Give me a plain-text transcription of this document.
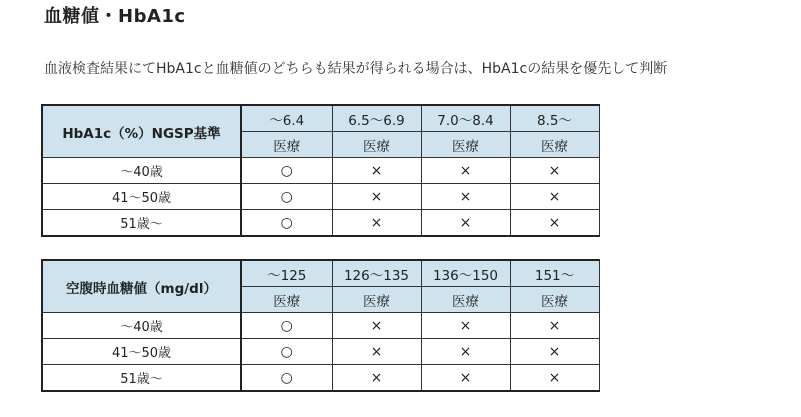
血糖値・HbA1c
血液検査結果にてHbA1cと血糖値のどちらも結果が得られる場合は、HbA1cの結果を優先して判断
HbA1c（%）NGSP基準	〜6.4	6.5〜6.9	7.0〜8.4	8.5〜
	医療	医療	医療	医療
〜40歳	○	×	×	×
41〜50歳	○	×	×	×
51歳〜	○	×	×	×
空腹時血糖値（mg/dl）	〜125	126〜135	136〜150	151〜
	医療	医療	医療	医療
〜40歳	○	×	×	×
41〜50歳	○	×	×	×
51歳〜	○	×	×	×
